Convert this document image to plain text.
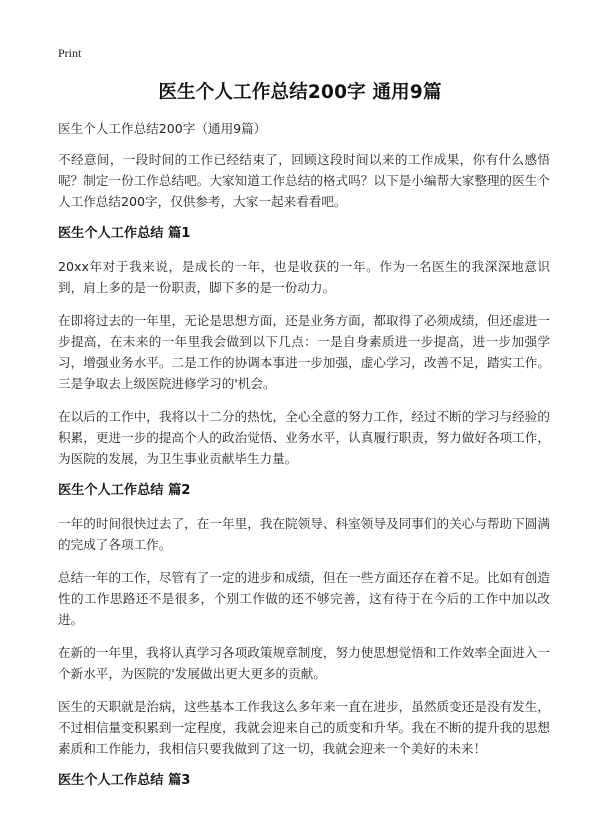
Print
医生个人工作总结200字 通用9篇
医生个人工作总结200字（通用9篇）

不经意间，一段时间的工作已经结束了，回顾这段时间以来的工作成果，你有什么感悟呢？制定一份工作总结吧。大家知道工作总结的格式吗？以下是小编帮大家整理的医生个人工作总结200字，仅供参考，大家一起来看看吧。

医生个人工作总结 篇1

20xx年对于我来说，是成长的一年，也是收获的一年。作为一名医生的我深深地意识到，肩上多的是一份职责，脚下多的是一份动力。

在即将过去的一年里，无论是思想方面，还是业务方面，都取得了必须成绩，但还虚进一步提高，在未来的一年里我会做到以下几点：一是自身素质进一步提高，进一步加强学习，增强业务水平。二是工作的协调本事进一步加强，虚心学习，改善不足，踏实工作。三是争取去上级医院进修学习的'机会。

在以后的工作中，我将以十二分的热忱，全心全意的努力工作，经过不断的学习与经验的积累，更进一步的提高个人的政治觉悟、业务水平，认真履行职责，努力做好各项工作，为医院的发展，为卫生事业贡献毕生力量。

医生个人工作总结 篇2

一年的时间很快过去了，在一年里，我在院领导、科室领导及同事们的关心与帮助下圆满的完成了各项工作。

总结一年的工作，尽管有了一定的进步和成绩，但在一些方面还存在着不足。比如有创造性的工作思路还不是很多，个别工作做的还不够完善，这有待于在今后的工作中加以改进。

在新的一年里，我将认真学习各项政策规章制度，努力使思想觉悟和工作效率全面进入一个新水平，为医院的'发展做出更大更多的贡献。

医生的天职就是治病，这些基本工作我这么多年来一直在进步，虽然质变还是没有发生，不过相信量变积累到一定程度，我就会迎来自己的质变和升华。我在不断的提升我的思想素质和工作能力，我相信只要我做到了这一切，我就会迎来一个美好的未来！

医生个人工作总结 篇3
